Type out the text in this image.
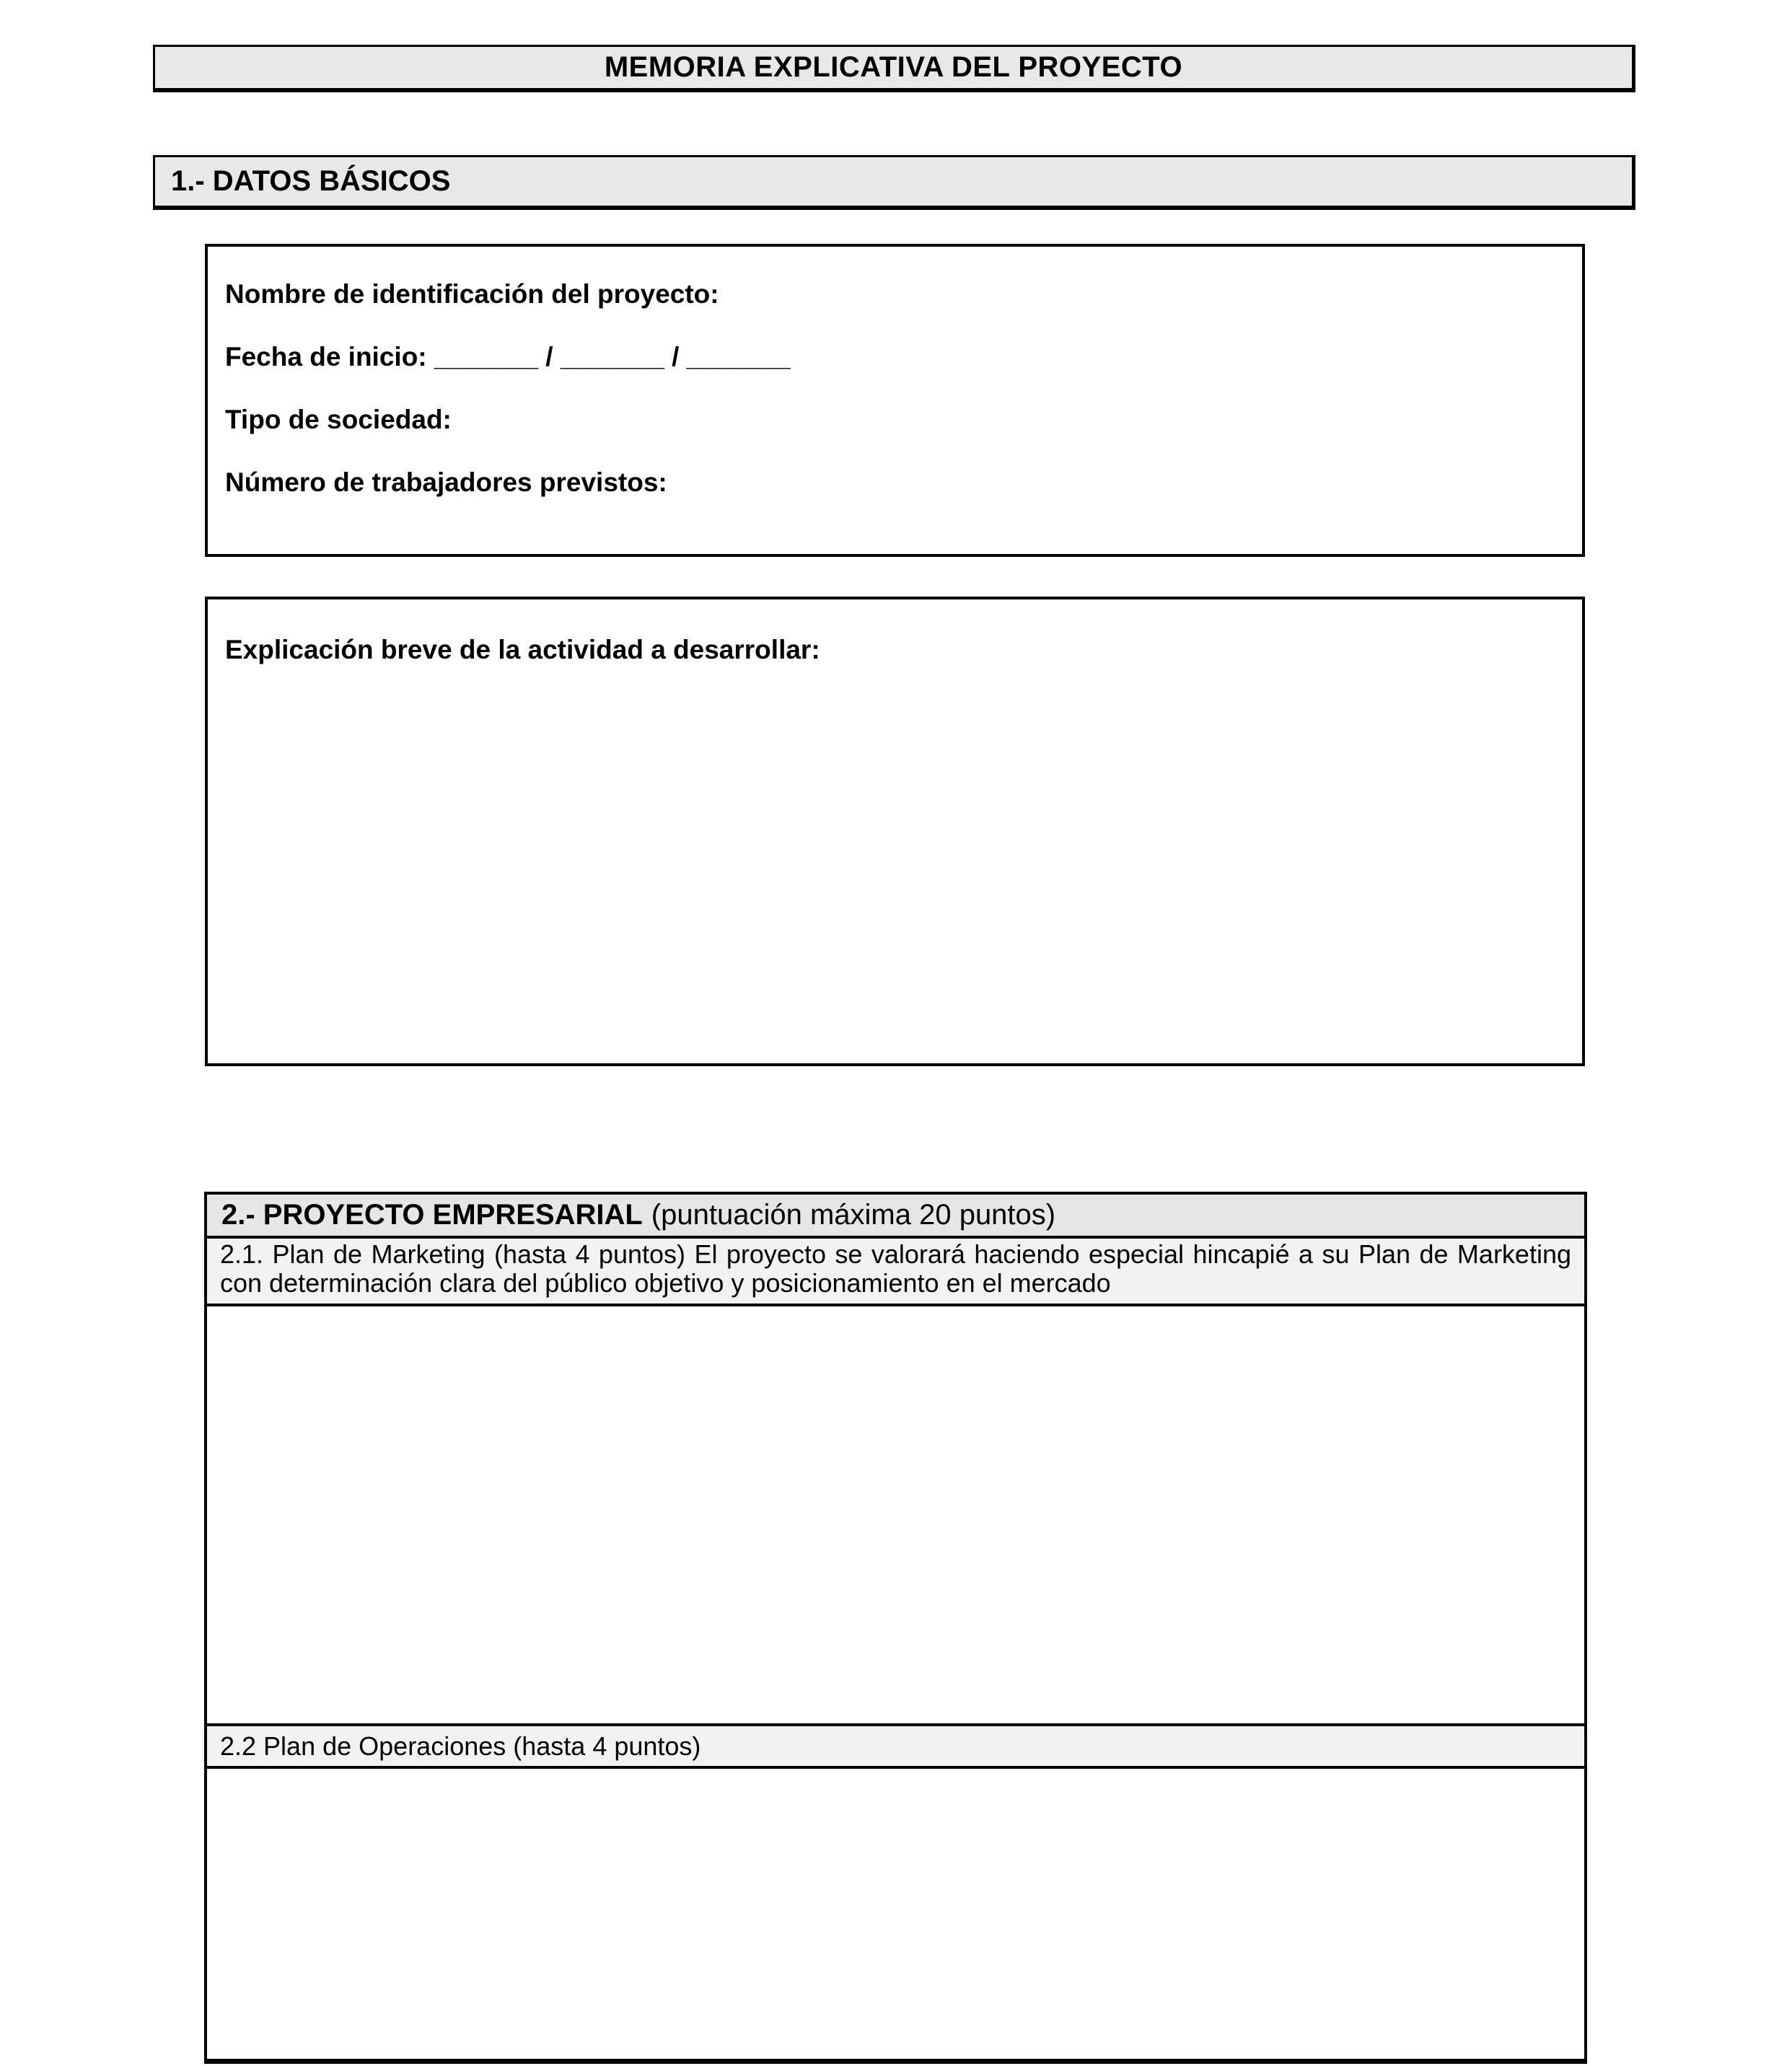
MEMORIA EXPLICATIVA DEL PROYECTO
1.- DATOS BÁSICOS

Nombre de identificación del proyecto:

Fecha de inicio: _______ / _______ / _______

Tipo de sociedad:

Número de trabajadores previstos:

Explicación breve de la actividad a desarrollar:

2.- PROYECTO EMPRESARIAL (puntuación máxima 20 puntos)
2.1. Plan de Marketing (hasta 4 puntos) El proyecto se valorará haciendo especial hincapié a su Plan de Marketing con determinación clara del público objetivo y posicionamiento en el mercado
2.2 Plan de Operaciones (hasta 4 puntos)
